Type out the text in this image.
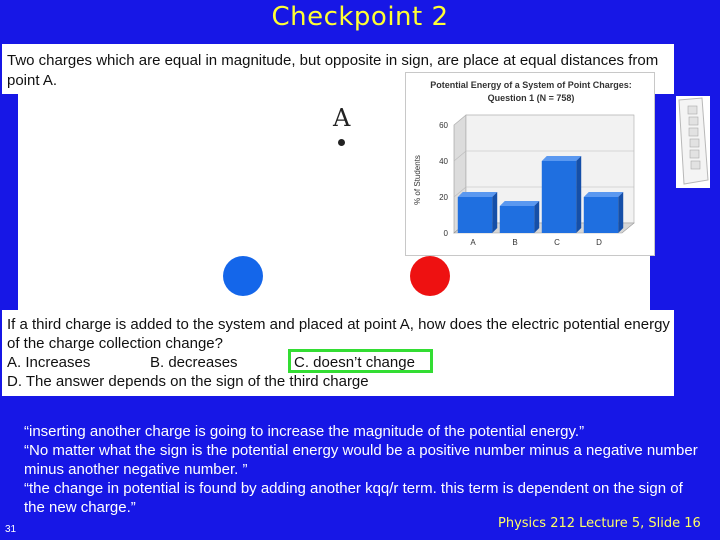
Checkpoint 2
Two charges which are equal in magnitude, but opposite in sign, are place at equal distances from point A.
A
Potential Energy of a System of Point Charges:
Question 1 (N = 758)
% of Students
0
20
40
60
A	B	C	D
If a third charge is added to the system and placed at point A, how does the electric potential energy of the charge collection change?
A. Increases	B. decreases	C. doesn’t change
D. The answer depends on the sign of the third charge

“inserting another charge is going to increase the magnitude of the potential energy.”

“No matter what the sign is the potential energy would be a positive number minus a negative number minus another negative number. ”

“the change in potential is found by adding another kqq/r term. this term is dependent on the sign of the new charge.”

31	Physics 212 Lecture 5, Slide 16
